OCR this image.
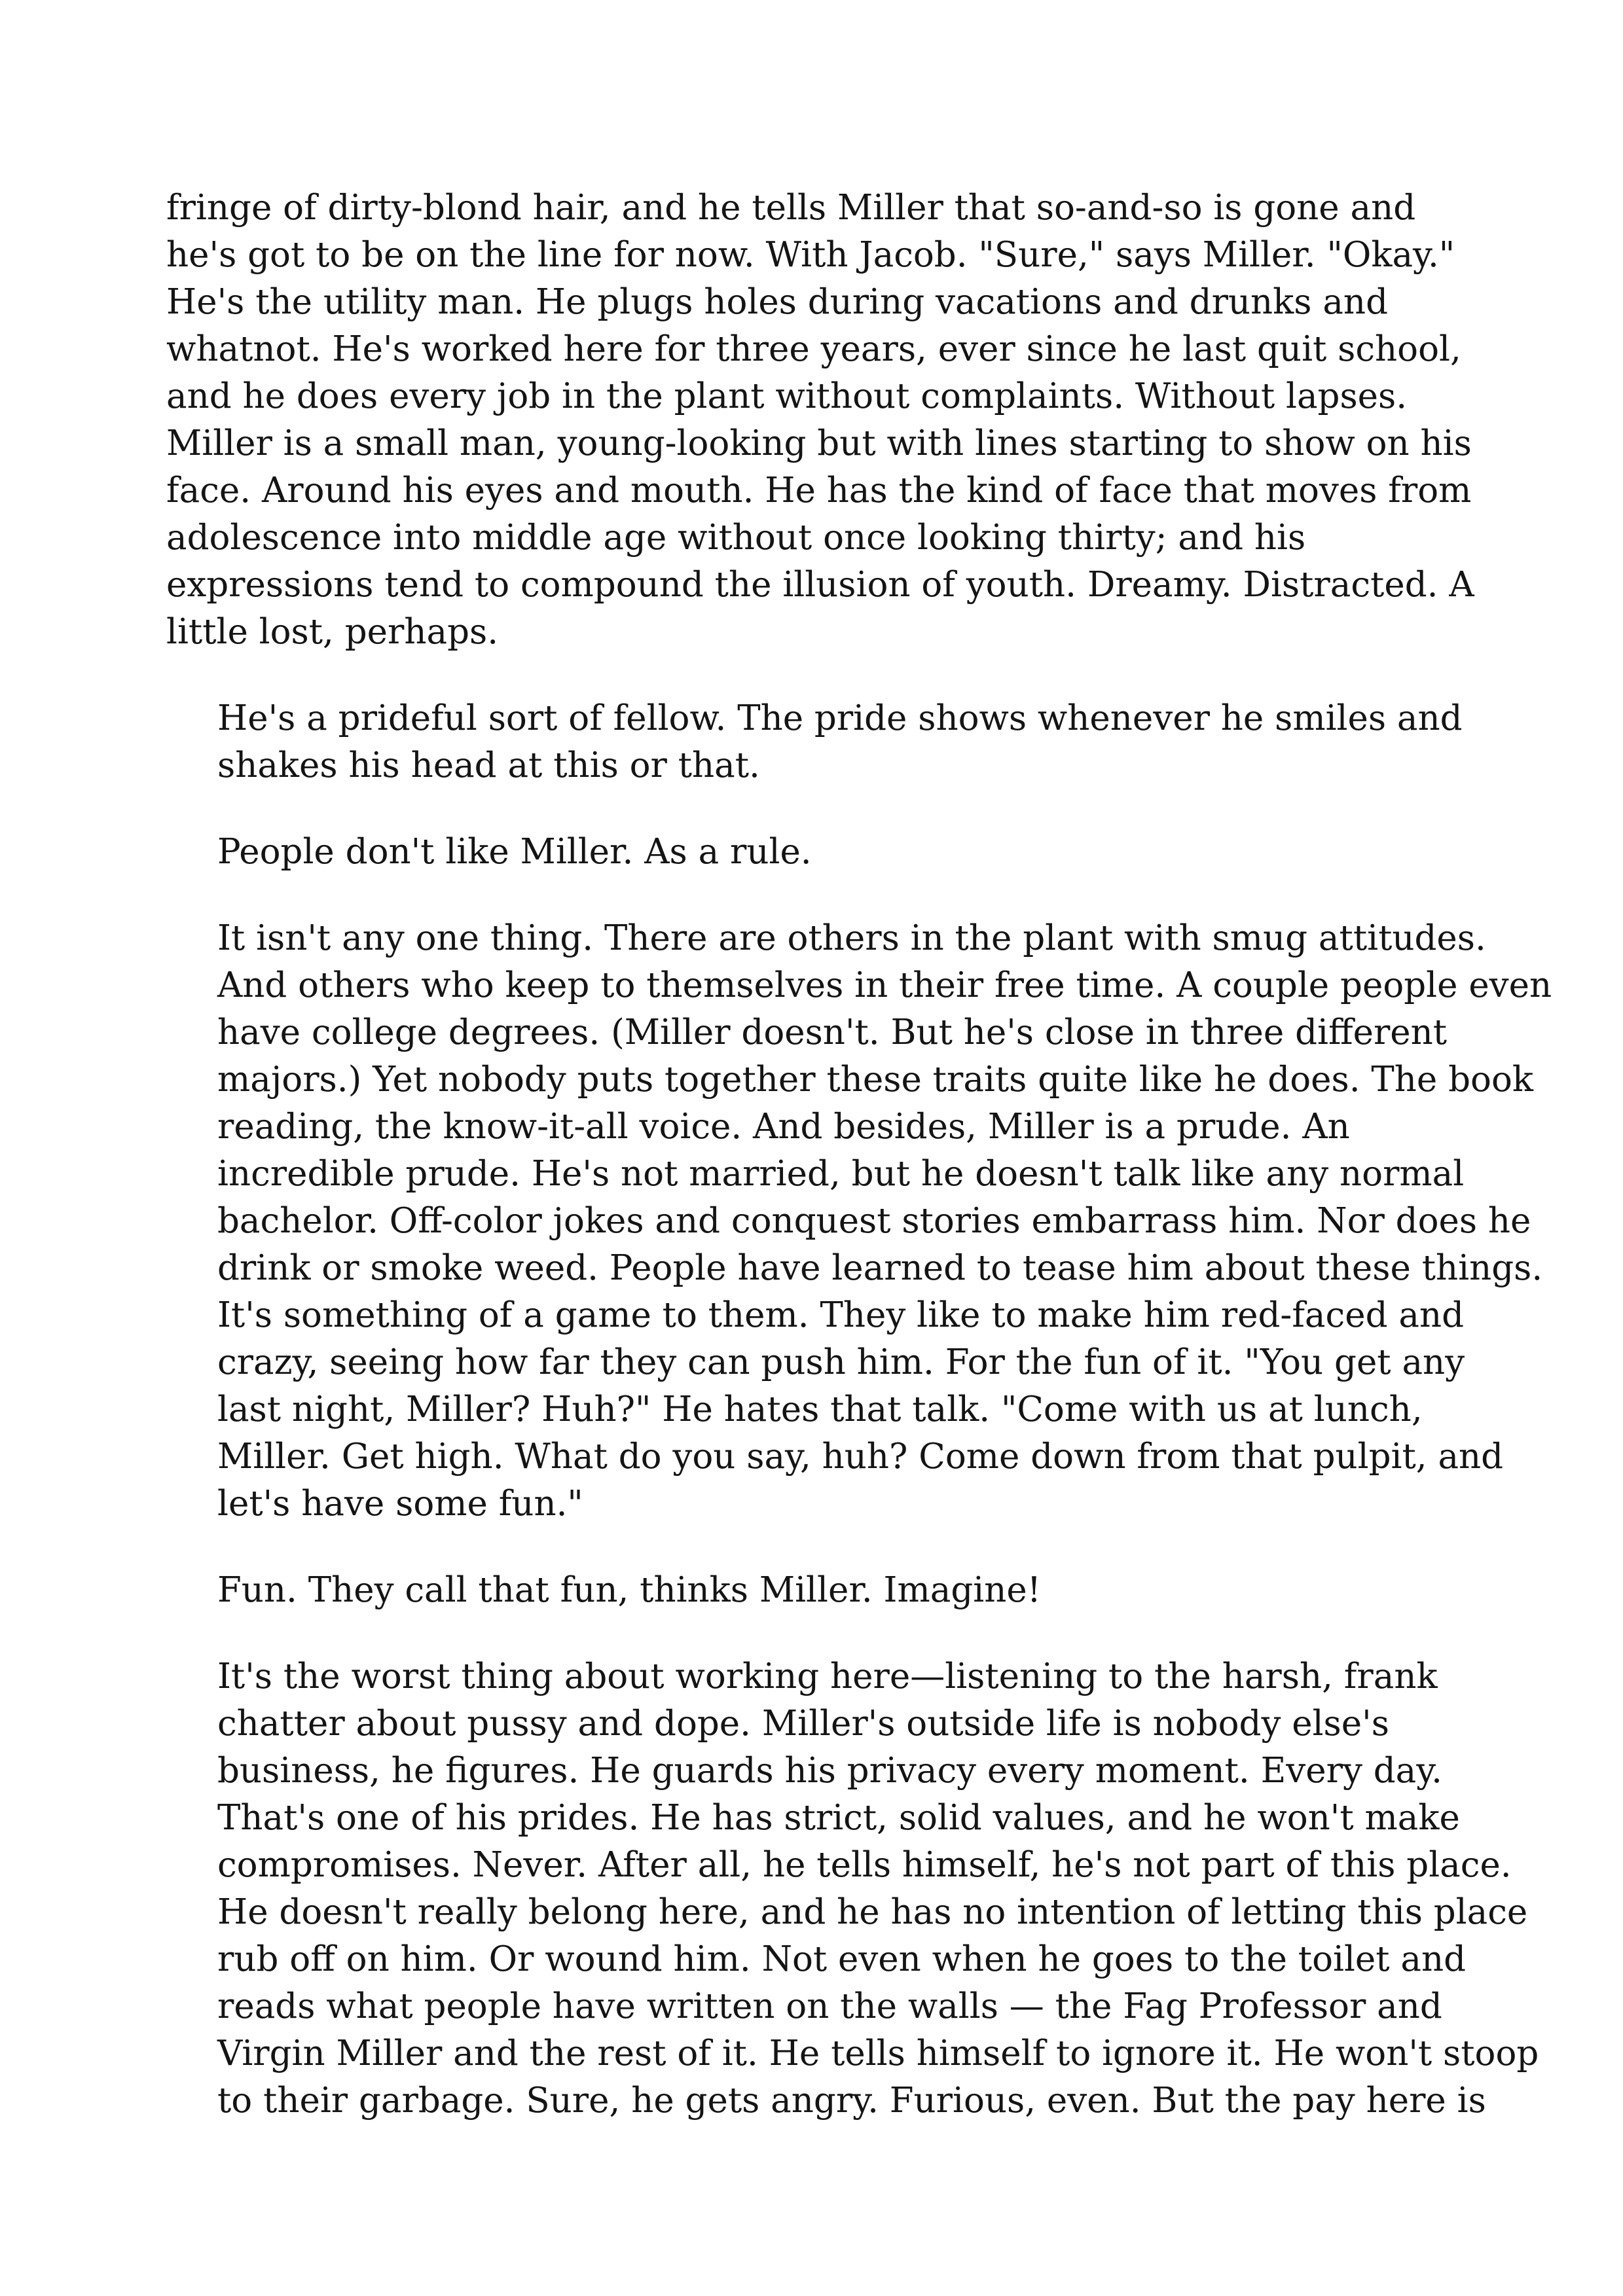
fringe of dirty-blond hair, and he tells Miller that so-and-so is gone and
he's got to be on the line for now. With Jacob. "Sure," says Miller. "Okay."
He's the utility man. He plugs holes during vacations and drunks and
whatnot. He's worked here for three years, ever since he last quit school,
and he does every job in the plant without complaints. Without lapses.
Miller is a small man, young-looking but with lines starting to show on his
face. Around his eyes and mouth. He has the kind of face that moves from
adolescence into middle age without once looking thirty; and his
expressions tend to compound the illusion of youth. Dreamy. Distracted. A
little lost, perhaps.

He's a prideful sort of fellow. The pride shows whenever he smiles and
shakes his head at this or that.

People don't like Miller. As a rule.

It isn't any one thing. There are others in the plant with smug attitudes.
And others who keep to themselves in their free time. A couple people even
have college degrees. (Miller doesn't. But he's close in three different
majors.) Yet nobody puts together these traits quite like he does. The book
reading, the know-it-all voice. And besides, Miller is a prude. An
incredible prude. He's not married, but he doesn't talk like any normal
bachelor. Off-color jokes and conquest stories embarrass him. Nor does he
drink or smoke weed. People have learned to tease him about these things.
It's something of a game to them. They like to make him red-faced and
crazy, seeing how far they can push him. For the fun of it. "You get any
last night, Miller? Huh?" He hates that talk. "Come with us at lunch,
Miller. Get high. What do you say, huh? Come down from that pulpit, and
let's have some fun."

Fun. They call that fun, thinks Miller. Imagine!

It's the worst thing about working here—listening to the harsh, frank
chatter about pussy and dope. Miller's outside life is nobody else's
business, he figures. He guards his privacy every moment. Every day.
That's one of his prides. He has strict, solid values, and he won't make
compromises. Never. After all, he tells himself, he's not part of this place.
He doesn't really belong here, and he has no intention of letting this place
rub off on him. Or wound him. Not even when he goes to the toilet and
reads what people have written on the walls — the Fag Professor and
Virgin Miller and the rest of it. He tells himself to ignore it. He won't stoop
to their garbage. Sure, he gets angry. Furious, even. But the pay here is
